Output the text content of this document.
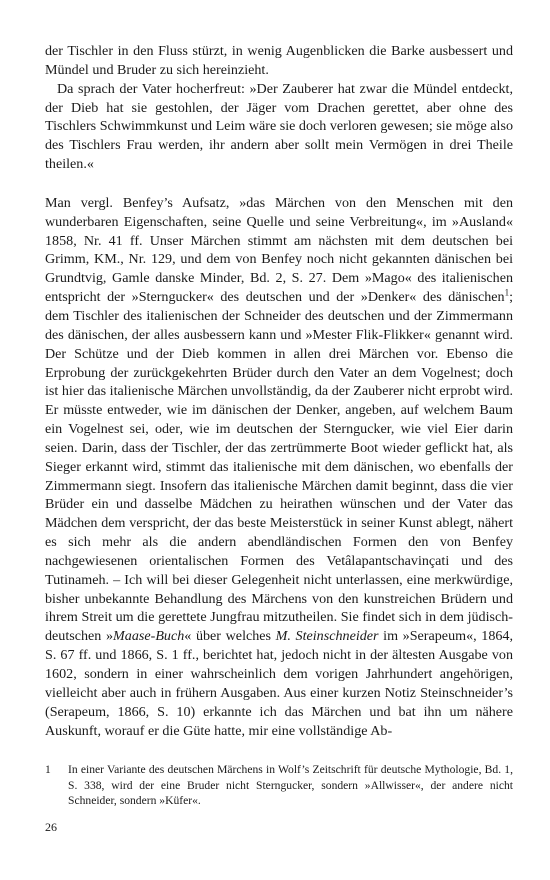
der Tischler in den Fluss stürzt, in wenig Augenblicken die Barke ausbessert und Mündel und Bruder zu sich hereinzieht.

Da sprach der Vater hocherfreut: »Der Zauberer hat zwar die Mündel entdeckt, der Dieb hat sie gestohlen, der Jäger vom Drachen gerettet, aber ohne des Tischlers Schwimmkunst und Leim wäre sie doch verloren gewesen; sie möge also des Tischlers Frau werden, ihr andern aber sollt mein Vermögen in drei Theile theilen.«

Man vergl. Benfey’s Aufsatz, »das Märchen von den Menschen mit den wunderbaren Eigenschaften, seine Quelle und seine Verbreitung«, im »Ausland« 1858, Nr. 41 ff. Unser Märchen stimmt am nächsten mit dem deutschen bei Grimm, KM., Nr. 129, und dem von Benfey noch nicht gekannten dänischen bei Grundtvig, Gamle danske Minder, Bd. 2, S. 27. Dem »Mago« des italienischen entspricht der »Sterngucker« des deutschen und der »Denker« des dänischen$^1$; dem Tischler des italienischen der Schneider des deutschen und der Zimmermann des dänischen, der alles ausbessern kann und »Mester Flik-Flikker« genannt wird. Der Schütze und der Dieb kommen in allen drei Märchen vor. Ebenso die Erprobung der zurückgekehrten Brüder durch den Vater an dem Vogelnest; doch ist hier das italienische Märchen unvollständig, da der Zauberer nicht erprobt wird. Er müsste entweder, wie im dänischen der Denker, angeben, auf welchem Baum ein Vogelnest sei, oder, wie im deutschen der Sterngucker, wie viel Eier darin seien. Darin, dass der Tischler, der das zertrümmerte Boot wieder geflickt hat, als Sieger erkannt wird, stimmt das italienische mit dem dänischen, wo ebenfalls der Zimmermann siegt. Insofern das italienische Märchen damit beginnt, dass die vier Brüder ein und dasselbe Mädchen zu heirathen wünschen und der Vater das Mädchen dem verspricht, der das beste Meisterstück in seiner Kunst ablegt, nähert es sich mehr als die andern abendländischen Formen den von Benfey nachgewiesenen orientalischen Formen des Vetâlapantschavinçati und des Tutinameh. – Ich will bei dieser Gelegenheit nicht unterlassen, eine merkwürdige, bisher unbekannte Behandlung des Märchens von den kunstreichen Brüdern und ihrem Streit um die gerettete Jungfrau mitzutheilen. Sie findet sich in dem jüdisch-deutschen »Maase-Buch« über welches M. Steinschneider im »Serapeum«, 1864, S. 67 ff. und 1866, S. 1 ff., berichtet hat, jedoch nicht in der ältesten Ausgabe von 1602, sondern in einer wahrscheinlich dem vorigen Jahrhundert angehörigen, vielleicht aber auch in frühern Ausgaben. Aus einer kurzen Notiz Steinschneider’s (Serapeum, 1866, S. 10) erkannte ich das Märchen und bat ihn um nähere Auskunft, worauf er die Güte hatte, mir eine vollständige Ab-

1	In einer Variante des deutschen Märchens in Wolf’s Zeitschrift für deutsche Mythologie, Bd. 1, S. 338, wird der eine Bruder nicht Sterngucker, sondern »Allwisser«, der andere nicht Schneider, sondern »Küfer«.
26
